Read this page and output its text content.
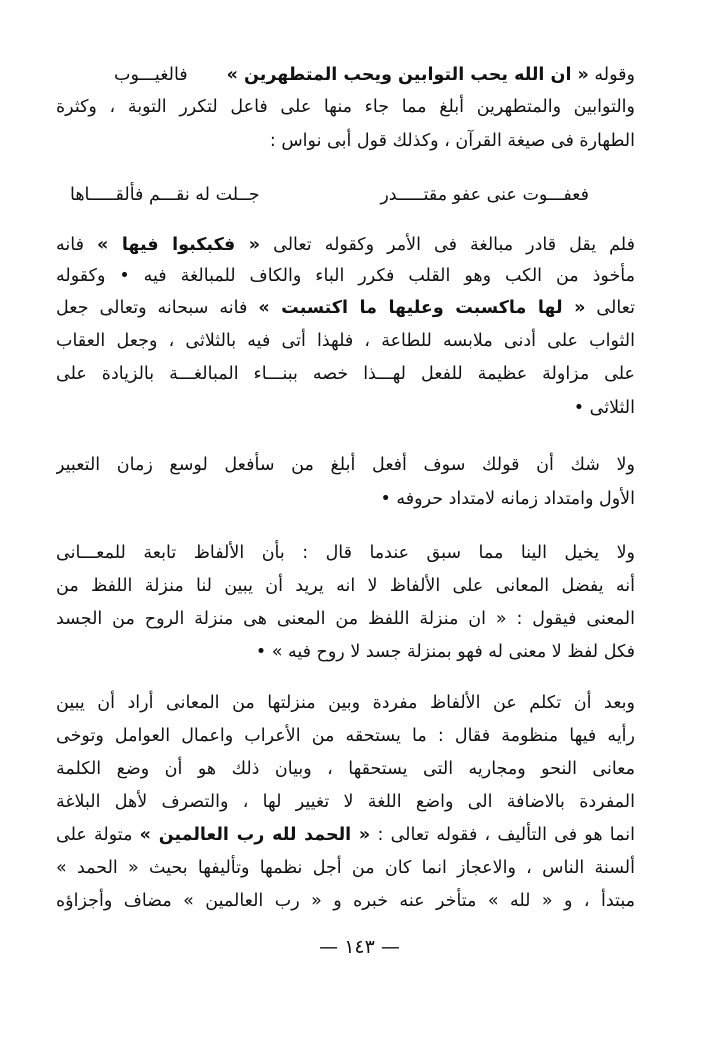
وقوله « ان الله يحب التوابين ويحب المتطهرين »       فالغيـــوب
والتوابين والمتطهرين أبلغ مما جاء منها على فاعل لتكرر التوبة ، وكثرة
الطهارة فى صيغة القرآن ، وكذلك قول أبى نواس :
فعفـــوت عنى عفو مقتـــــدر
جــلت له نقـــم فألقـــــاها
فلم يقل قادر مبالغة فى الأمر وكقوله تعالى « فكبكبوا فيها » فانه
مأخوذ من الكب وهو القلب فكرر الباء والكاف للمبالغة فيه • وكقوله
تعالى « لها ماكسبت وعليها ما اكتسبت » فانه سبحانه وتعالى جعل
الثواب على أدنى ملابسه للطاعة ، فلهذا أتى فيه بالثلاثى ، وجعل العقاب
على مزاولة عظيمة للفعل لهـــذا خصه ببنـــاء المبالغـــة بالزيادة على
الثلاثى •
ولا شك أن قولك سوف أفعل أبلغ من سأفعل لوسع زمان التعبير
الأول وامتداد زمانه لامتداد حروفه •
ولا يخيل الينا مما سبق عندما قال : بأن الألفاظ تابعة للمعـــانى
أنه يفضل المعانى على الألفاظ لا انه يريد أن يبين لنا منزلة اللفظ من
المعنى فيقول : « ان منزلة اللفظ من المعنى هى منزلة الروح من الجسد
فكل لفظ لا معنى له فهو بمنزلة جسد لا روح فيه » •
وبعد أن تكلم عن الألفاظ مفردة وبين منزلتها من المعانى أراد أن يبين
رأيه فيها منظومة فقال : ما يستحقه من الأعراب واعمال العوامل وتوخى
معانى النحو ومجاريه التى يستحقها ، وبيان ذلك هو أن وضع الكلمة
المفردة بالاضافة الى واضع اللغة لا تغيير لها ، والتصرف لأهل البلاغة
انما هو فى التأليف ، فقوله تعالى : « الحمد لله رب العالمين » متولة على
ألسنة الناس ، والاعجاز انما كان من أجل نظمها وتأليفها بحيث « الحمد »
مبتدأ ، و « لله » متأخر عنه خبره و « رب العالمين » مضاف وأجزاؤه
— ١٤٣ —
